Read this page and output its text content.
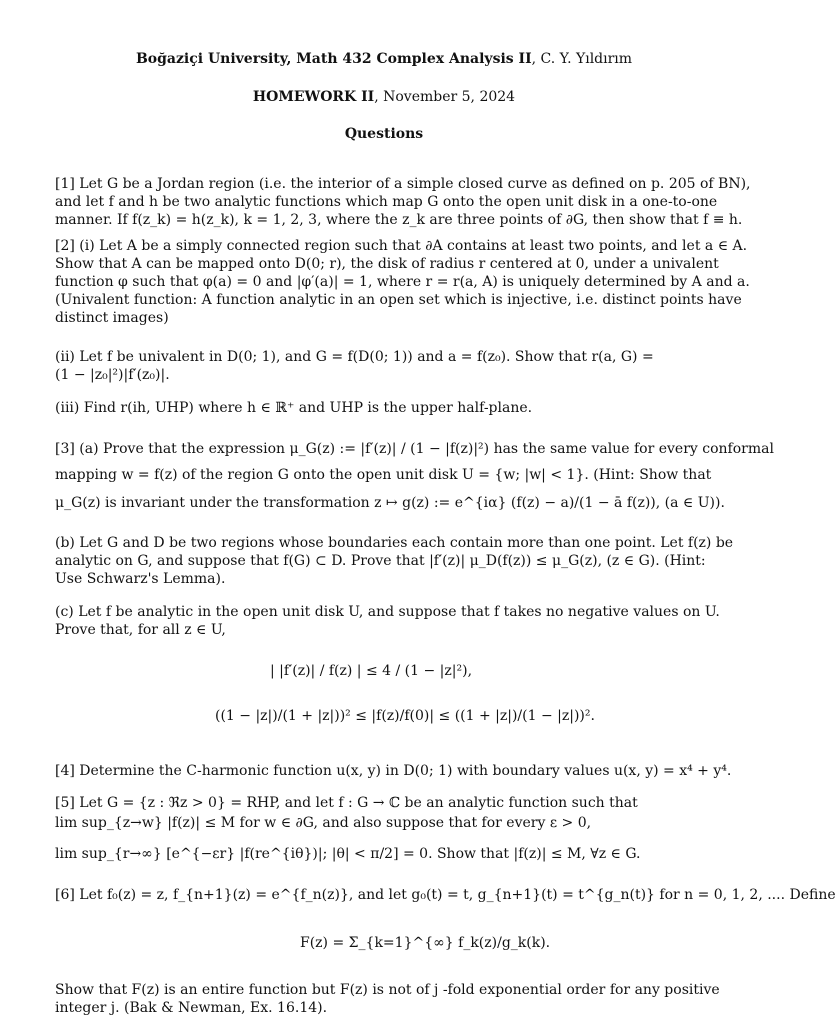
Boğaziçi University, Math 432 Complex Analysis II, C. Y. Yıldırım
HOMEWORK II, November 5, 2024
Questions
[1] Let G be a Jordan region (i.e. the interior of a simple closed curve as defined on p. 205 of BN),
and let f and h be two analytic functions which map G onto the open unit disk in a one-to-one
manner. If f(z_k) = h(z_k), k = 1, 2, 3, where the z_k are three points of ∂G, then show that f ≡ h.
[2] (i) Let A be a simply connected region such that ∂A contains at least two points, and let a ∈ A.
Show that A can be mapped onto D(0; r), the disk of radius r centered at 0, under a univalent
function φ such that φ(a) = 0 and |φ′(a)| = 1, where r = r(a, A) is uniquely determined by A and a.
(Univalent function: A function analytic in an open set which is injective, i.e. distinct points have
distinct images)
(ii) Let f be univalent in D(0; 1), and G = f(D(0; 1)) and a = f(z₀). Show that r(a, G) =
(1 − |z₀|²)|f′(z₀)|.
(iii) Find r(ih, UHP) where h ∈ ℝ⁺ and UHP is the upper half-plane.
[3] (a) Prove that the expression μ_G(z) := |f′(z)| / (1 − |f(z)|²) has the same value for every conformal
mapping w = f(z) of the region G onto the open unit disk U = {w; |w| < 1}. (Hint: Show that
μ_G(z) is invariant under the transformation z ↦ g(z) := e^{iα} (f(z) − a)/(1 − ā f(z)), (a ∈ U)).
(b) Let G and D be two regions whose boundaries each contain more than one point. Let f(z) be
analytic on G, and suppose that f(G) ⊂ D. Prove that |f′(z)| μ_D(f(z)) ≤ μ_G(z), (z ∈ G). (Hint:
Use Schwarz's Lemma).
(c) Let f be analytic in the open unit disk U, and suppose that f takes no negative values on U.
Prove that, for all z ∈ U,
| |f′(z)| / f(z) | ≤ 4 / (1 − |z|²),
((1 − |z|)/(1 + |z|))² ≤ |f(z)/f(0)| ≤ ((1 + |z|)/(1 − |z|))².
[4] Determine the C-harmonic function u(x, y) in D(0; 1) with boundary values u(x, y) = x⁴ + y⁴.
[5] Let G = {z : ℜz > 0} = RHP, and let f : G → ℂ be an analytic function such that
lim sup_{z→w} |f(z)| ≤ M for w ∈ ∂G, and also suppose that for every ε > 0,
lim sup_{r→∞} [e^{−εr} |f(re^{iθ})|; |θ| < π/2] = 0. Show that |f(z)| ≤ M, ∀z ∈ G.
[6] Let f₀(z) = z, f_{n+1}(z) = e^{f_n(z)}, and let g₀(t) = t, g_{n+1}(t) = t^{g_n(t)} for n = 0, 1, 2, .... Define
F(z) = Σ_{k=1}^{∞} f_k(z)/g_k(k).
Show that F(z) is an entire function but F(z) is not of j -fold exponential order for any positive
integer j. (Bak & Newman, Ex. 16.14).
